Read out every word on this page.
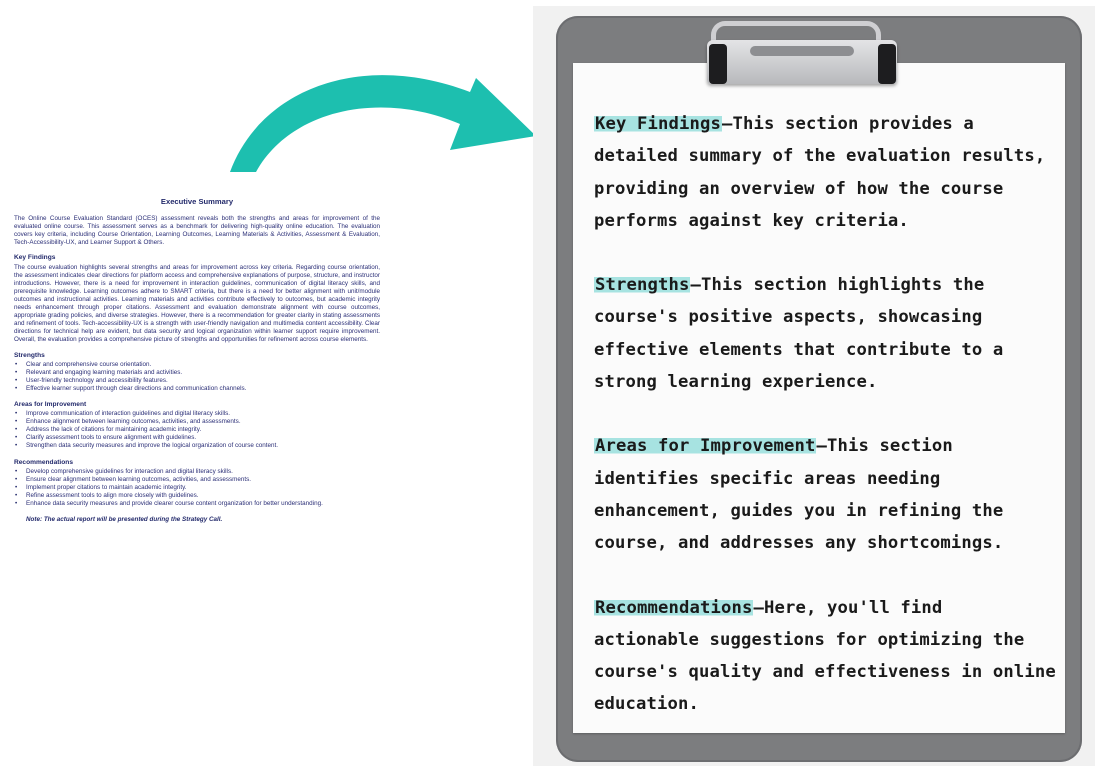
Executive Summary

The Online Course Evaluation Standard (OCES) assessment reveals both the strengths and areas for improvement of the evaluated online course. This assessment serves as a benchmark for delivering high-quality online education. The evaluation covers key criteria, including Course Orientation, Learning Outcomes, Learning Materials & Activities, Assessment & Evaluation, Tech-Accessibility-UX, and Learner Support & Others.

Key Findings

The course evaluation highlights several strengths and areas for improvement across key criteria. Regarding course orientation, the assessment indicates clear directions for platform access and comprehensive explanations of purpose, structure, and instructor introductions. However, there is a need for improvement in interaction guidelines, communication of digital literacy skills, and prerequisite knowledge. Learning outcomes adhere to SMART criteria, but there is a need for better alignment with unit/module outcomes and instructional activities. Learning materials and activities contribute effectively to outcomes, but academic integrity needs enhancement through proper citations. Assessment and evaluation demonstrate alignment with course outcomes, appropriate grading policies, and diverse strategies. However, there is a recommendation for greater clarity in stating assessments and refinement of tools. Tech-accessibility-UX is a strength with user-friendly navigation and multimedia content accessibility. Clear directions for technical help are evident, but data security and logical organization within learner support require improvement. Overall, the evaluation provides a comprehensive picture of strengths and opportunities for refinement across course elements.

Strengths
• Clear and comprehensive course orientation.
• Relevant and engaging learning materials and activities.
• User-friendly technology and accessibility features.
• Effective learner support through clear directions and communication channels.
Areas for Improvement
• Improve communication of interaction guidelines and digital literacy skills.
• Enhance alignment between learning outcomes, activities, and assessments.
• Address the lack of citations for maintaining academic integrity.
• Clarify assessment tools to ensure alignment with guidelines.
• Strengthen data security measures and improve the logical organization of course content.
Recommendations
• Develop comprehensive guidelines for interaction and digital literacy skills.
• Ensure clear alignment between learning outcomes, activities, and assessments.
• Implement proper citations to maintain academic integrity.
• Refine assessment tools to align more closely with guidelines.
• Enhance data security measures and provide clearer course content organization for better understanding.
Note: The actual report will be presented during the Strategy Call.
Key Findings—This section provides a detailed summary of the evaluation results, providing an overview of how the course performs against key criteria.
Strengths—This section highlights the course's positive aspects, showcasing effective elements that contribute to a strong learning experience.
Areas for Improvement—This section identifies specific areas needing enhancement, guides you in refining the course, and addresses any shortcomings.
Recommendations—Here, you'll find actionable suggestions for optimizing the course's quality and effectiveness in online education.
